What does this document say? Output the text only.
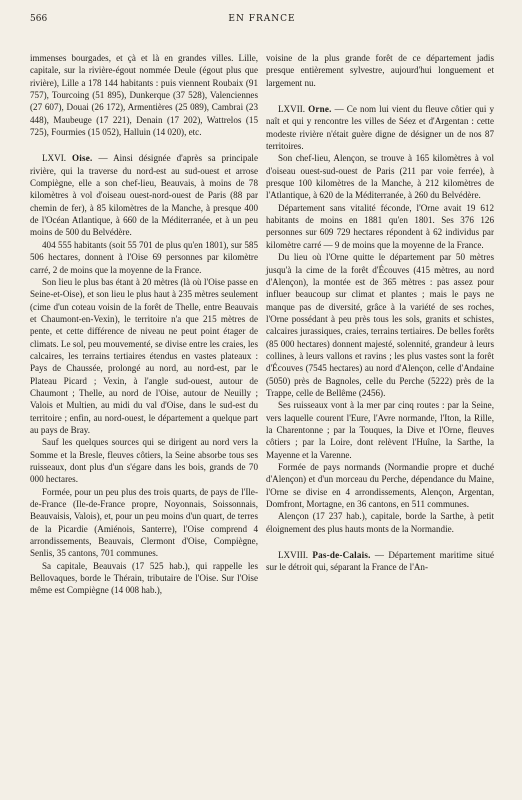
566	EN FRANCE

immenses bourgades, et çà et là en grandes villes. Lille, capitale, sur la rivière-égout nommée Deule (égout plus que rivière), Lille a 178 144 habitants : puis viennent Roubaix (91 757), Tourcoing (51 895), Dunkerque (37 528), Valenciennes (27 607), Douai (26 172), Armentières (25 089), Cambrai (23 448), Maubeuge (17 221), Denain (17 202), Wattrelos (15 725), Fourmies (15 052), Halluin (14 020), etc.

LXVI. Oise. — Ainsi désignée d'après sa principale rivière, qui la traverse du nord-est au sud-ouest et arrose Compiègne, elle a son chef-lieu, Beauvais, à moins de 78 kilomètres à vol d'oiseau ouest-nord-ouest de Paris (88 par chemin de fer), à 85 kilomètres de la Manche, à presque 400 de l'Océan Atlantique, à 660 de la Méditerranée, et à un peu moins de 500 du Belvédère.

404 555 habitants (soit 55 701 de plus qu'en 1801), sur 585 506 hectares, donnent à l'Oise 69 personnes par kilomètre carré, 2 de moins que la moyenne de la France.

Son lieu le plus bas étant à 20 mètres (là où l'Oise passe en Seine-et-Oise), et son lieu le plus haut à 235 mètres seulement (cime d'un coteau voisin de la forêt de Thelle, entre Beauvais et Chaumont-en-Vexin), le territoire n'a que 215 mètres de pente, et cette différence de niveau ne peut point étager de climats. Le sol, peu mouvementé, se divise entre les craies, les calcaires, les terrains tertiaires étendus en vastes plateaux : Pays de Chaussée, prolongé au nord, au nord-est, par le Plateau Picard ; Vexin, à l'angle sud-ouest, autour de Chaumont ; Thelle, au nord de l'Oise, autour de Neuilly ; Valois et Multien, au midi du val d'Oise, dans le sud-est du territoire ; enfin, au nord-ouest, le département a quelque part au pays de Bray.

Sauf les quelques sources qui se dirigent au nord vers la Somme et la Bresle, fleuves côtiers, la Seine absorbe tous ses ruisseaux, dont plus d'un s'égare dans les bois, grands de 70 000 hectares.

Formée, pour un peu plus des trois quarts, de pays de l'Ile-de-France (Ile-de-France propre, Noyonnais, Soissonnais, Beauvaisis, Valois), et, pour un peu moins d'un quart, de terres de la Picardie (Amiénois, Santerre), l'Oise comprend 4 arrondissements, Beauvais, Clermont d'Oise, Compiègne, Senlis, 35 cantons, 701 communes.

Sa capitale, Beauvais (17 525 hab.), qui rappelle les Bellovaques, borde le Thérain, tributaire de l'Oise. Sur l'Oise même est Compiègne (14 008 hab.),

voisine de la plus grande forêt de ce département jadis presque entièrement sylvestre, aujourd'hui longuement et largement nu.

LXVII. Orne. — Ce nom lui vient du fleuve côtier qui y naît et qui y rencontre les villes de Séez et d'Argentan : cette modeste rivière n'était guère digne de désigner un de nos 87 territoires.

Son chef-lieu, Alençon, se trouve à 165 kilomètres à vol d'oiseau ouest-sud-ouest de Paris (211 par voie ferrée), à presque 100 kilomètres de la Manche, à 212 kilomètres de l'Atlantique, à 620 de la Méditerranée, à 260 du Belvédère.

Département sans vitalité féconde, l'Orne avait 19 612 habitants de moins en 1881 qu'en 1801. Ses 376 126 personnes sur 609 729 hectares répondent à 62 individus par kilomètre carré — 9 de moins que la moyenne de la France.

Du lieu où l'Orne quitte le département par 50 mètres jusqu'à la cime de la forêt d'Écouves (415 mètres, au nord d'Alençon), la montée est de 365 mètres : pas assez pour influer beaucoup sur climat et plantes ; mais le pays ne manque pas de diversité, grâce à la variété de ses roches, l'Orne possédant à peu près tous les sols, granits et schistes, calcaires jurassiques, craies, terrains tertiaires. De belles forêts (85 000 hectares) donnent majesté, solennité, grandeur à leurs collines, à leurs vallons et ravins ; les plus vastes sont la forêt d'Écouves (7545 hectares) au nord d'Alençon, celle d'Andaine (5050) près de Bagnoles, celle du Perche (5222) près de la Trappe, celle de Bellême (2456).

Ses ruisseaux vont à la mer par cinq routes : par la Seine, vers laquelle courent l'Eure, l'Avre normande, l'Iton, la Rille, la Charentonne ; par la Touques, la Dive et l'Orne, fleuves côtiers ; par la Loire, dont relèvent l'Huîne, la Sarthe, la Mayenne et la Varenne.

Formée de pays normands (Normandie propre et duché d'Alençon) et d'un morceau du Perche, dépendance du Maine, l'Orne se divise en 4 arrondissements, Alençon, Argentan, Domfront, Mortagne, en 36 cantons, en 511 communes.

Alençon (17 237 hab.), capitale, borde la Sarthe, à petit éloignement des plus hauts monts de la Normandie.

LXVIII. Pas-de-Calais. — Département maritime situé sur le détroit qui, séparant la France de l'An-
